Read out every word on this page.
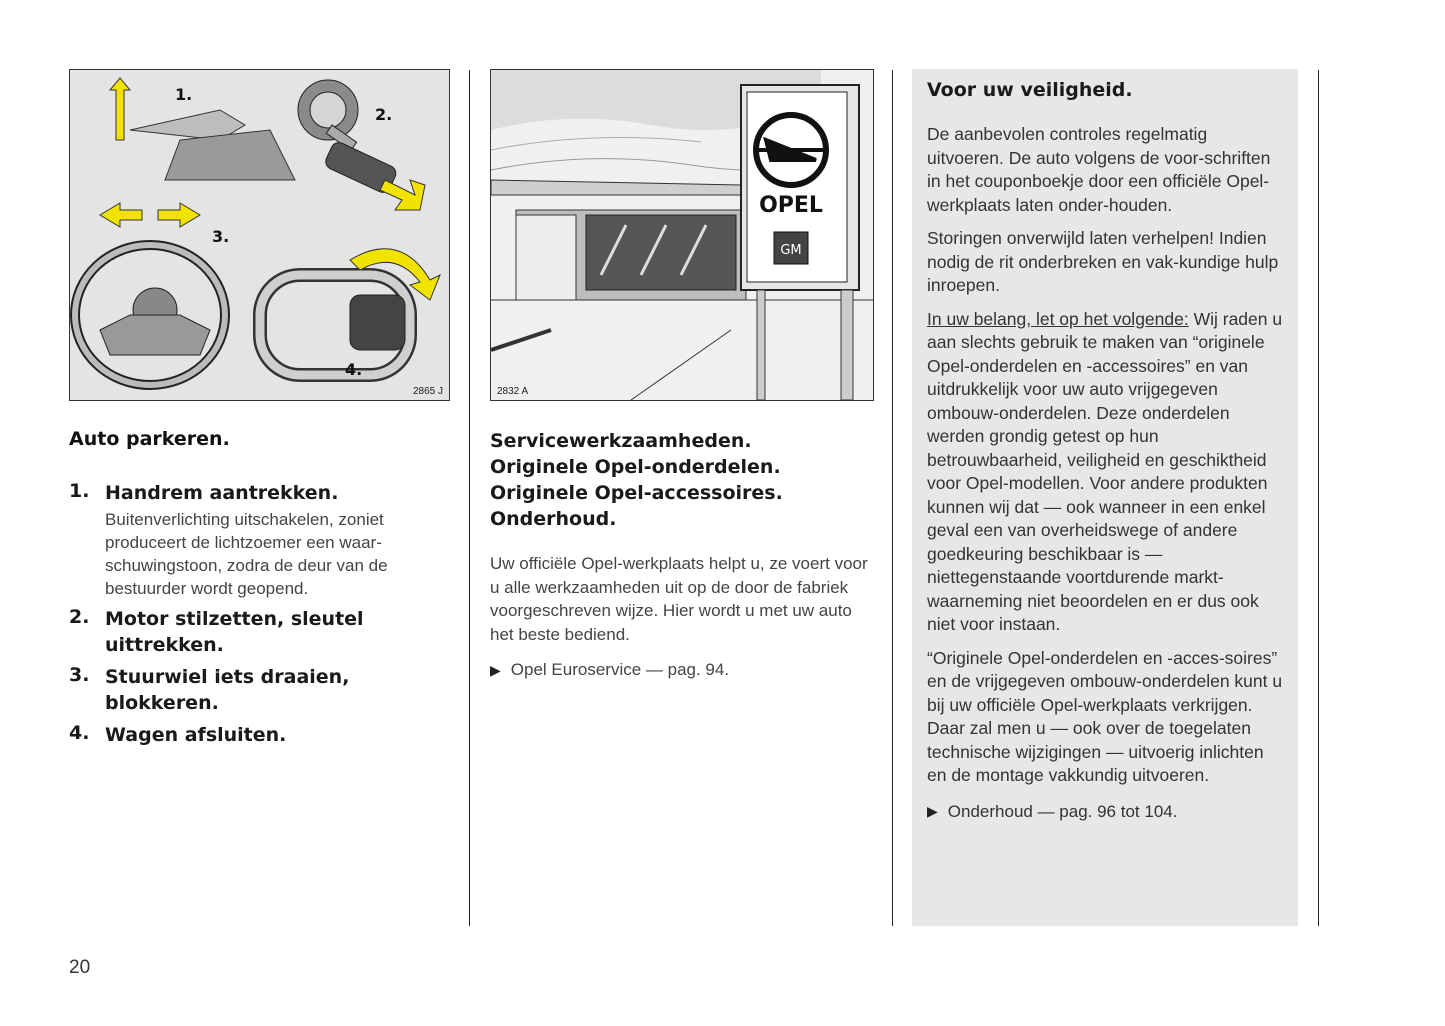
1.
2.
3.
4.
2865 J
OPEL
GM
2832 A
Auto parkeren.
1. Handrem aantrekken.
Buitenverlichting uitschakelen, zoniet produceert de lichtzoemer een waar-schuwingstoon, zodra de deur van de bestuurder wordt geopend.
2. Motor stilzetten, sleutel uittrekken.
3. Stuurwiel iets draaien, blokkeren.
4. Wagen afsluiten.
Servicewerkzaamheden.
Originele Opel-onderdelen.
Originele Opel-accessoires.
Onderhoud.

Uw officiële Opel-werkplaats helpt u, ze voert voor u alle werkzaamheden uit op de door de fabriek voorgeschreven wijze. Hier wordt u met uw auto het beste bediend.

▶ Opel Euroservice — pag. 94.
Voor uw veiligheid.

De aanbevolen controles regelmatig uitvoeren. De auto volgens de voor-schriften in het couponboekje door een officiële Opel-werkplaats laten onder-houden.

Storingen onverwijld laten verhelpen! Indien nodig de rit onderbreken en vak-kundige hulp inroepen.

In uw belang, let op het volgende: Wij raden u aan slechts gebruik te maken van “originele Opel-onderdelen en -accessoires” en van uitdrukkelijk voor uw auto vrijgegeven ombouw-onderdelen. Deze onderdelen werden grondig getest op hun betrouwbaarheid, veiligheid en geschiktheid voor Opel-modellen. Voor andere produkten kunnen wij dat — ook wanneer in een enkel geval een van overheidswege of andere goedkeuring beschikbaar is — niettegenstaande voortdurende markt-waarneming niet beoordelen en er dus ook niet voor instaan.

“Originele Opel-onderdelen en -acces-soires” en de vrijgegeven ombouw-onderdelen kunt u bij uw officiële Opel-werkplaats verkrijgen. Daar zal men u — ook over de toegelaten technische wijzigingen — uitvoerig inlichten en de montage vakkundig uitvoeren.

▶ Onderhoud — pag. 96 tot 104.
20
